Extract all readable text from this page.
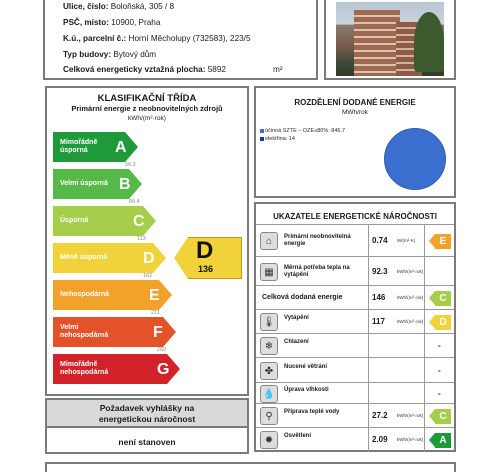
Ulice, číslo: Boloňská, 305 / 8
PSČ, místo: 10900, Praha
K.ú., parcelní č.: Horní Měcholupy (732583), 223/5
Typ budovy: Bytový dům
Celková energeticky vztažná plocha: 5892	m²
KLASIFIKAČNÍ TŘÍDA
Primární energie z neobnovitelných zdrojů
kWh/(m²·rok)
Mimořádně úsporná	A
Velmi úsporná B
Úsporná	C
Méně úsporná D
Nehospodárná E
Velmi nehospodárná	F
Mimořádně nehospodárná	G
56.3
84.4
113
162
211
260
D
136
Požadavek vyhlášky na energetickou náročnost
není stanoven
ROZDĚLENÍ DODANÉ ENERGIE
MWh/rok
účinná SZTE – OZE≤80%: 846.7
elektřina: 14
UKAZATELE ENERGETICKÉ NÁROČNOSTI
⌂	Primární neobnovitelná energie	0.74 W/(m²·K)	E
▦	Měrná potřeba tepla na vytápění	92.3 kWh/(m²·rok)
Celková dodaná energie	146	kWh/(m²·rok)	C
🌡	Vytápění	117	kWh/(m²·rok)	D
❄	Chlazení	-
✤	Nucené větrání	-
💧	Úprava vlhkosti	-
⚲	Příprava teplé vody	27.2 kWh/(m²·rok)	C
✹	Osvětlení	2.09 kWh/(m²·rok)	A
